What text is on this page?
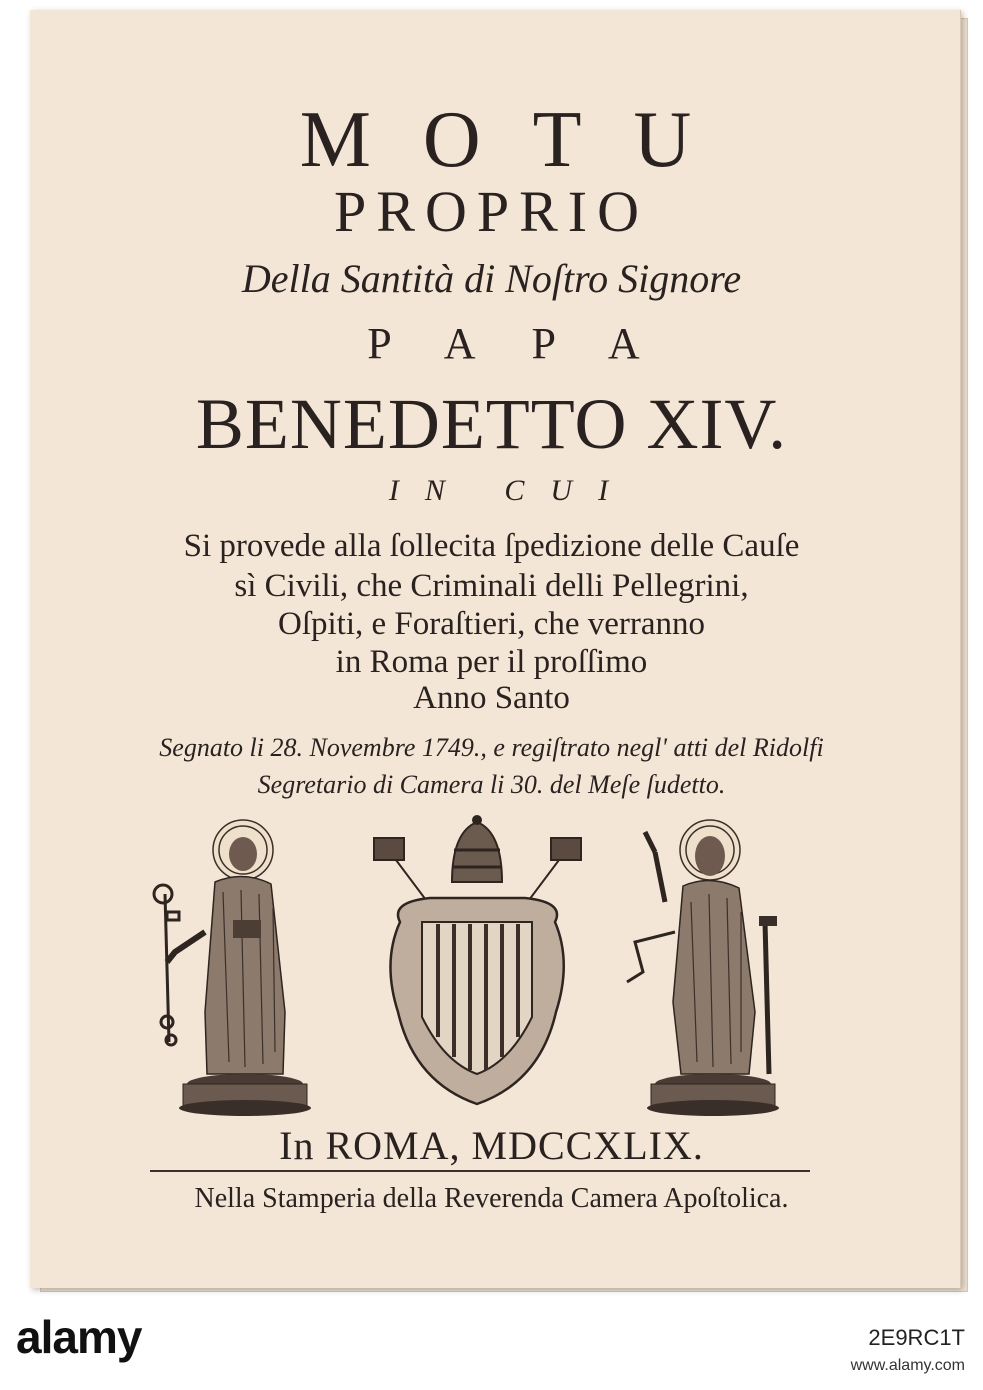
MOTU
PROPRIO
Della Santità di Noſtro Signore
PAPA
BENEDETTO XIV.
IN CUI
Si provede alla ſollecita ſpedizione delle Cauſe
sì Civili, che Criminali delli Pellegrini,
Oſpiti, e Foraſtieri, che verranno
in Roma per il proſſimo
Anno Santo
Segnato li 28. Novembre 1749., e regiſtrato negl' atti del Ridolfi
Segretario di Camera li 30. del Meſe ſudetto.
In ROMA, MDCCXLIX.
Nella Stamperia della Reverenda Camera Apoſtolica.
alamy	2E9RC1T
www.alamy.com
